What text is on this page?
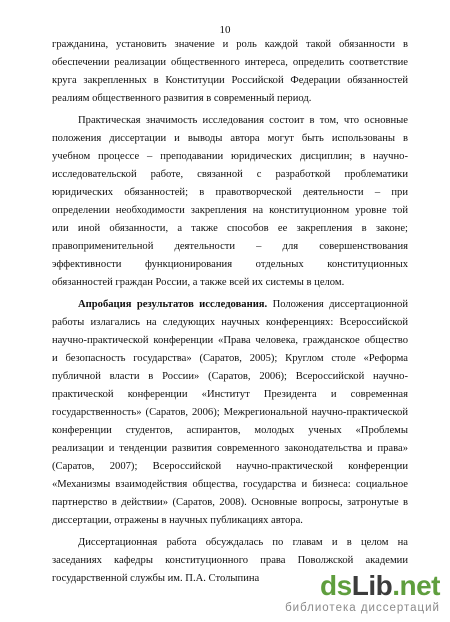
10
гражданина, установить значение и роль каждой такой обязанности в
обеспечении реализации общественного интереса, определить соответствие
круга закрепленных в Конституции Российской Федерации обязанностей
реалиям общественного развития в современный период.
Практическая значимость исследования состоит в том, что основные
положения диссертации и выводы автора могут быть использованы в
учебном процессе – преподавании юридических дисциплин; в научно-
исследовательской работе, связанной с разработкой проблематики
юридических обязанностей; в правотворческой деятельности – при
определении необходимости закрепления на конституционном уровне той
или иной обязанности, а также способов ее закрепления в законе;
правоприменительной деятельности – для совершенствования
эффективности функционирования отдельных конституционных
обязанностей граждан России, а также всей их системы в целом.
Апробация результатов исследования. Положения диссертационной
работы излагались на следующих научных конференциях: Всероссийской
научно-практической конференции «Права человека, гражданское общество
и безопасность государства» (Саратов, 2005); Круглом столе «Реформа
публичной власти в России» (Саратов, 2006); Всероссийской научно-
практической конференции «Институт Президента и современная
государственность» (Саратов, 2006); Межрегиональной научно-практической
конференции студентов, аспирантов, молодых ученых «Проблемы
реализации и тенденции развития современного законодательства и права»
(Саратов, 2007); Всероссийской научно-практической конференции
«Механизмы взаимодействия общества, государства и бизнеса: социальное
партнерство в действии» (Саратов, 2008). Основные вопросы, затронутые в
диссертации, отражены в научных публикациях автора.
Диссертационная работа обсуждалась по главам и в целом на
заседаниях кафедры конституционного права Поволжской академии
государственной службы им. П.А. Столыпина	dsLib.net
библиотека диссертаций
